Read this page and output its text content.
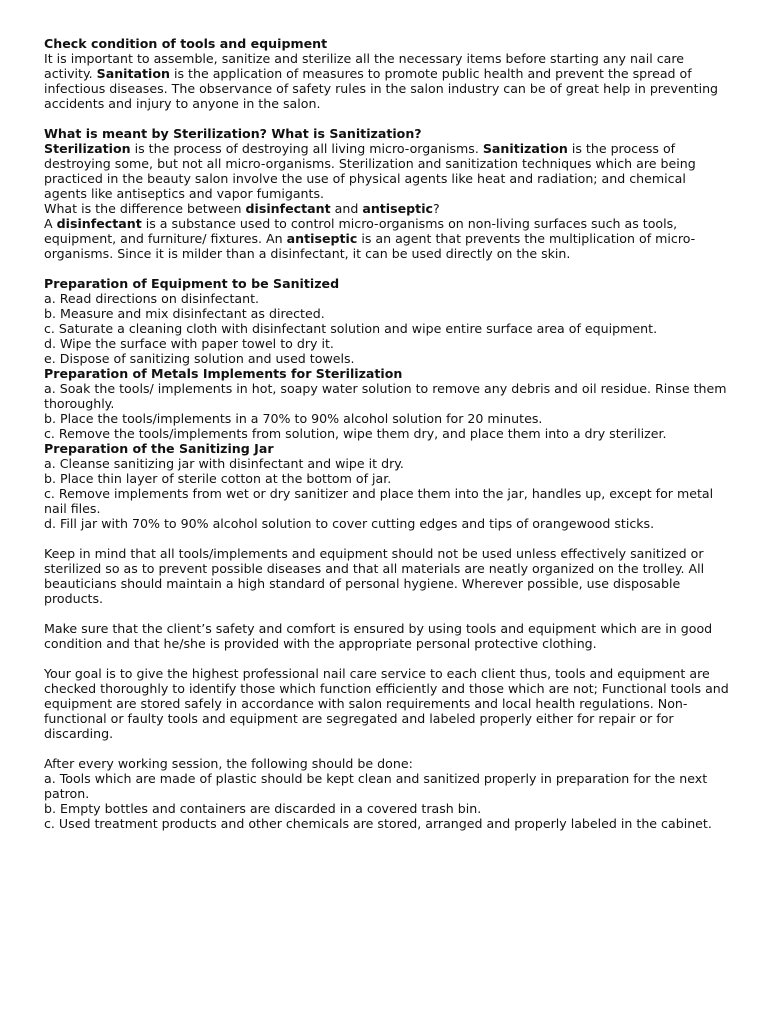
Check condition of tools and equipment

It is important to assemble, sanitize and sterilize all the necessary items before starting any nail care activity. Sanitation is the application of measures to promote public health and prevent the spread of infectious diseases. The observance of safety rules in the salon industry can be of great help in preventing accidents and injury to anyone in the salon.

What is meant by Sterilization? What is Sanitization?

Sterilization is the process of destroying all living micro-organisms. Sanitization is the process of destroying some, but not all micro-organisms. Sterilization and sanitization techniques which are being practiced in the beauty salon involve the use of physical agents like heat and radiation; and chemical agents like antiseptics and vapor fumigants.

What is the difference between disinfectant and antiseptic?

A disinfectant is a substance used to control micro-organisms on non-living surfaces such as tools, equipment, and furniture/ fixtures. An antiseptic is an agent that prevents the multiplication of micro-organisms. Since it is milder than a disinfectant, it can be used directly on the skin.

Preparation of Equipment to be Sanitized

a. Read directions on disinfectant.

b. Measure and mix disinfectant as directed.

c. Saturate a cleaning cloth with disinfectant solution and wipe entire surface area of equipment.

d. Wipe the surface with paper towel to dry it.

e. Dispose of sanitizing solution and used towels.

Preparation of Metals Implements for Sterilization

a. Soak the tools/ implements in hot, soapy water solution to remove any debris and oil residue. Rinse them thoroughly.

b. Place the tools/implements in a 70% to 90% alcohol solution for 20 minutes.

c. Remove the tools/implements from solution, wipe them dry, and place them into a dry sterilizer.

Preparation of the Sanitizing Jar

a. Cleanse sanitizing jar with disinfectant and wipe it dry.

b. Place thin layer of sterile cotton at the bottom of jar.

c. Remove implements from wet or dry sanitizer and place them into the jar, handles up, except for metal nail files.

d. Fill jar with 70% to 90% alcohol solution to cover cutting edges and tips of orangewood sticks.

Keep in mind that all tools/implements and equipment should not be used unless effectively sanitized or sterilized so as to prevent possible diseases and that all materials are neatly organized on the trolley. All beauticians should maintain a high standard of personal hygiene. Wherever possible, use disposable products.

Make sure that the client’s safety and comfort is ensured by using tools and equipment which are in good condition and that he/she is provided with the appropriate personal protective clothing.

Your goal is to give the highest professional nail care service to each client thus, tools and equipment are checked thoroughly to identify those which function efficiently and those which are not; Functional tools and equipment are stored safely in accordance with salon requirements and local health regulations. Non-functional or faulty tools and equipment are segregated and labeled properly either for repair or for discarding.

After every working session, the following should be done:

a. Tools which are made of plastic should be kept clean and sanitized properly in preparation for the next patron.

b. Empty bottles and containers are discarded in a covered trash bin.

c. Used treatment products and other chemicals are stored, arranged and properly labeled in the cabinet.
